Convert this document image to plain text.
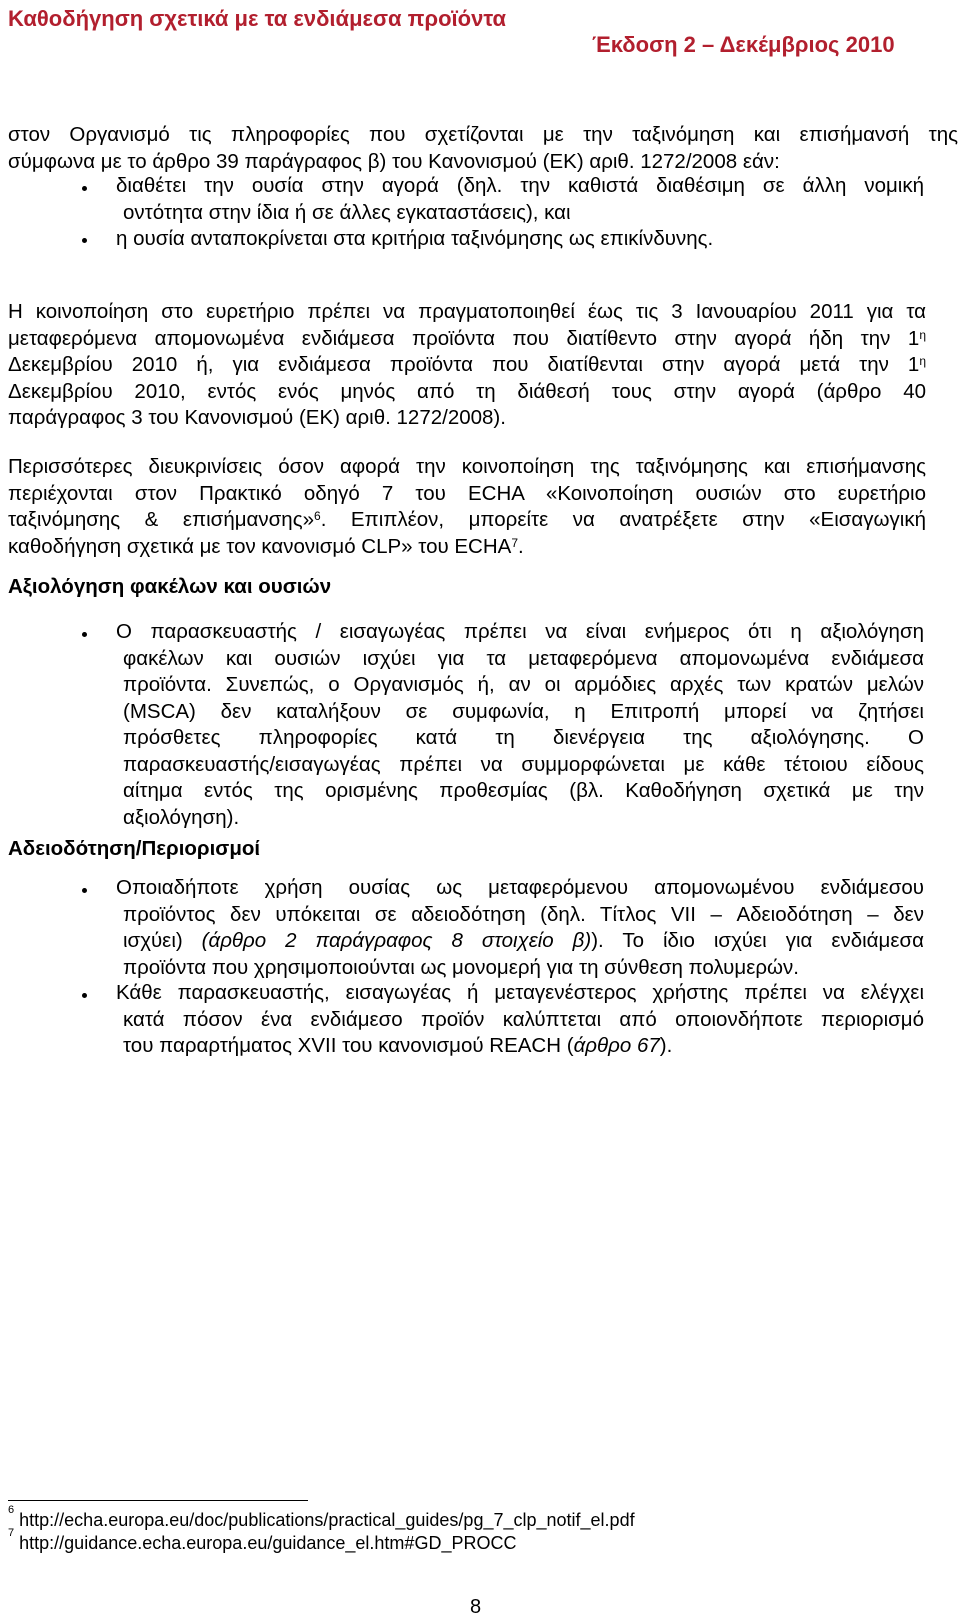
Καθοδήγηση σχετικά με τα ενδιάμεσα προϊόντα
Έκδοση 2 – Δεκέμβριος 2010
στον Οργανισμό τις πληροφορίες που σχετίζονται με την ταξινόμηση και επισήμανσή της
σύμφωνα με το άρθρο 39 παράγραφος β) του Κανονισμού (ΕΚ) αριθ. 1272/2008 εάν:
διαθέτει την ουσία στην αγορά (δηλ. την καθιστά διαθέσιμη σε άλλη νομική
οντότητα στην ίδια ή σε άλλες εγκαταστάσεις), και
η ουσία ανταποκρίνεται στα κριτήρια ταξινόμησης ως επικίνδυνης.
Η κοινοποίηση στο ευρετήριο πρέπει να πραγματοποιηθεί έως τις 3 Ιανουαρίου 2011 για τα
μεταφερόμενα απομονωμένα ενδιάμεσα προϊόντα που διατίθεντο στην αγορά ήδη την $1^\eta$
Δεκεμβρίου 2010 ή, για ενδιάμεσα προϊόντα που διατίθενται στην αγορά μετά την $1^\eta$
Δεκεμβρίου 2010, εντός ενός μηνός από τη διάθεσή τους στην αγορά (άρθρο 40
παράγραφος 3 του Κανονισμού (ΕΚ) αριθ. 1272/2008).
Περισσότερες διευκρινίσεις όσον αφορά την κοινοποίηση της ταξινόμησης και επισήμανσης
περιέχονται στον Πρακτικό οδηγό 7 του ECHA «Κοινοποίηση ουσιών στο ευρετήριο
ταξινόμησης & επισήμανσης»$^6$. Επιπλέον, μπορείτε να ανατρέξετε στην «Εισαγωγική
καθοδήγηση σχετικά με τον κανονισμό CLP» του ECHA$^7$.
Αξιολόγηση φακέλων και ουσιών
Ο παρασκευαστής / εισαγωγέας πρέπει να είναι ενήμερος ότι η αξιολόγηση
φακέλων και ουσιών ισχύει για τα μεταφερόμενα απομονωμένα ενδιάμεσα
προϊόντα. Συνεπώς, ο Οργανισμός ή, αν οι αρμόδιες αρχές των κρατών μελών
(MSCA) δεν καταλήξουν σε συμφωνία, η Επιτροπή μπορεί να ζητήσει
πρόσθετες πληροφορίες κατά τη διενέργεια της αξιολόγησης. Ο
παρασκευαστής/εισαγωγέας πρέπει να συμμορφώνεται με κάθε τέτοιου είδους
αίτημα εντός της ορισμένης προθεσμίας (βλ. Καθοδήγηση σχετικά με την
αξιολόγηση).
Αδειοδότηση/Περιορισμοί
Οποιαδήποτε χρήση ουσίας ως μεταφερόμενου απομονωμένου ενδιάμεσου
προϊόντος δεν υπόκειται σε αδειοδότηση (δηλ. Τίτλος VII – Αδειοδότηση – δεν
ισχύει) (άρθρο 2 παράγραφος 8 στοιχείο β)). Το ίδιο ισχύει για ενδιάμεσα
προϊόντα που χρησιμοποιούνται ως μονομερή για τη σύνθεση πολυμερών.
Κάθε παρασκευαστής, εισαγωγέας ή μεταγενέστερος χρήστης πρέπει να ελέγχει
κατά πόσον ένα ενδιάμεσο προϊόν καλύπτεται από οποιονδήποτε περιορισμό
του παραρτήματος XVII του κανονισμού REACH (άρθρο 67).
$^6$ http://echa.europa.eu/doc/publications/practical_guides/pg_7_clp_notif_el.pdf
$^7$ http://guidance.echa.europa.eu/guidance_el.htm#GD_PROCC
8
